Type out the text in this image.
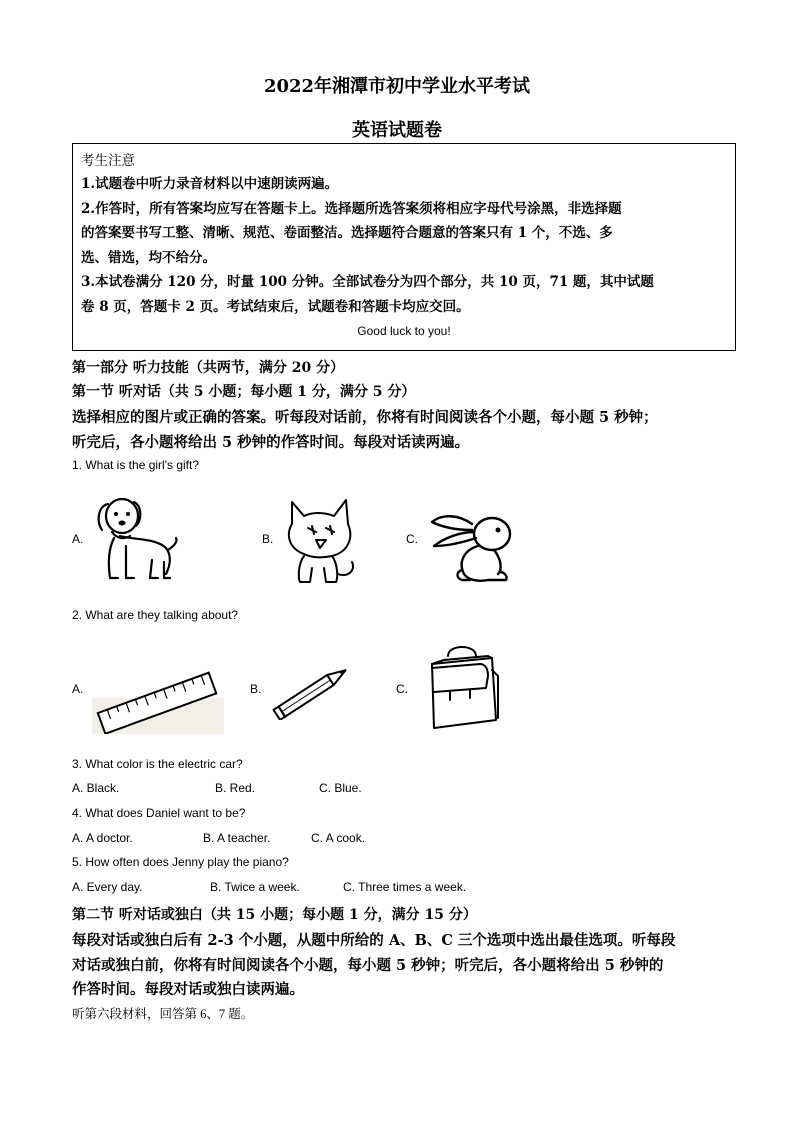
2022年湘潭市初中学业水平考试
英语试题卷

考生注意

1.试题卷中听力录音材料以中速朗读两遍。

2.作答时，所有答案均应写在答题卡上。选择题所选答案须将相应字母代号涂黑，非选择题

的答案要书写工整、清晰、规范、卷面整洁。选择题符合题意的答案只有 1 个，不选、多

选、错选，均不给分。

3.本试卷满分 120 分，时量 100 分钟。全部试卷分为四个部分，共 10 页，71 题，其中试题

卷 8 页，答题卡 2 页。考试结束后，试题卷和答题卡均应交回。

Good luck to you!

第一部分 听力技能（共两节，满分 20 分）
第一节 听对话（共 5 小题；每小题 1 分，满分 5 分）
选择相应的图片或正确的答案。听每段对话前，你将有时间阅读各个小题，每小题 5 秒钟；
听完后，各小题将给出 5 秒钟的作答时间。每段对话读两遍。
1. What is the girl's gift?
A.	B.	C.
2. What are they talking about?
A.	B.	C.
3. What color is the electric car?
A. Black.	B. Red.	C. Blue.
4. What does Daniel want to be?
A. A doctor.	B. A teacher.	C. A cook.
5. How often does Jenny play the piano?
A. Every day.	B. Twice a week.	C. Three times a week.
第二节 听对话或独白（共 15 小题；每小题 1 分，满分 15 分）
每段对话或独白后有 2-3 个小题，从题中所给的 A、B、C 三个选项中选出最佳选项。听每段
对话或独白前，你将有时间阅读各个小题，每小题 5 秒钟；听完后，各小题将给出 5 秒钟的
作答时间。每段对话或独白读两遍。
听第六段材料，回答第 6、7 题。
